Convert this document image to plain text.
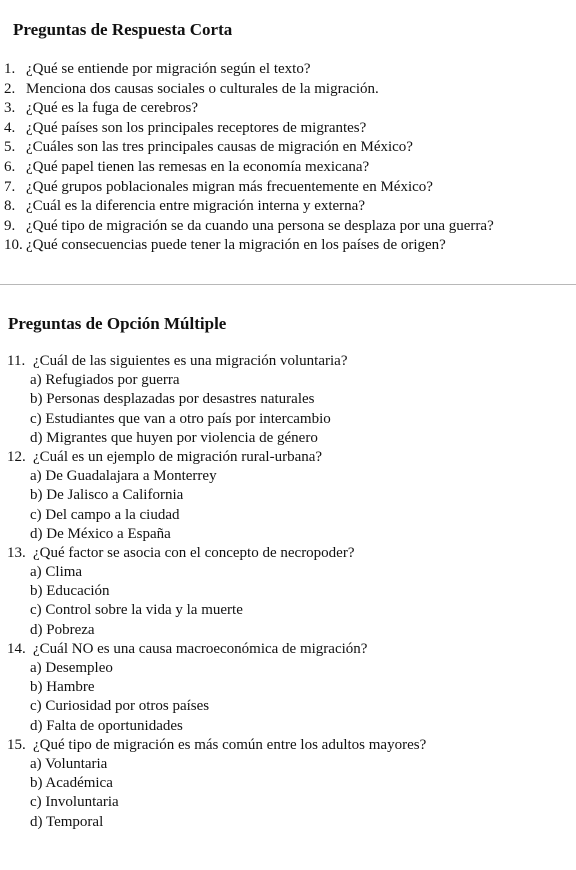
Preguntas de Respuesta Corta
1. ¿Qué se entiende por migración según el texto?
2. Menciona dos causas sociales o culturales de la migración.
3. ¿Qué es la fuga de cerebros?
4. ¿Qué países son los principales receptores de migrantes?
5. ¿Cuáles son las tres principales causas de migración en México?
6. ¿Qué papel tienen las remesas en la economía mexicana?
7. ¿Qué grupos poblacionales migran más frecuentemente en México?
8. ¿Cuál es la diferencia entre migración interna y externa?
9. ¿Qué tipo de migración se da cuando una persona se desplaza por una guerra?
10. ¿Qué consecuencias puede tener la migración en los países de origen?
Preguntas de Opción Múltiple
11. ¿Cuál de las siguientes es una migración voluntaria?
a) Refugiados por guerra
b) Personas desplazadas por desastres naturales
c) Estudiantes que van a otro país por intercambio
d) Migrantes que huyen por violencia de género
12. ¿Cuál es un ejemplo de migración rural-urbana?
a) De Guadalajara a Monterrey
b) De Jalisco a California
c) Del campo a la ciudad
d) De México a España
13. ¿Qué factor se asocia con el concepto de necropoder?
a) Clima
b) Educación
c) Control sobre la vida y la muerte
d) Pobreza
14. ¿Cuál NO es una causa macroeconómica de migración?
a) Desempleo
b) Hambre
c) Curiosidad por otros países
d) Falta de oportunidades
15. ¿Qué tipo de migración es más común entre los adultos mayores?
a) Voluntaria
b) Académica
c) Involuntaria
d) Temporal
